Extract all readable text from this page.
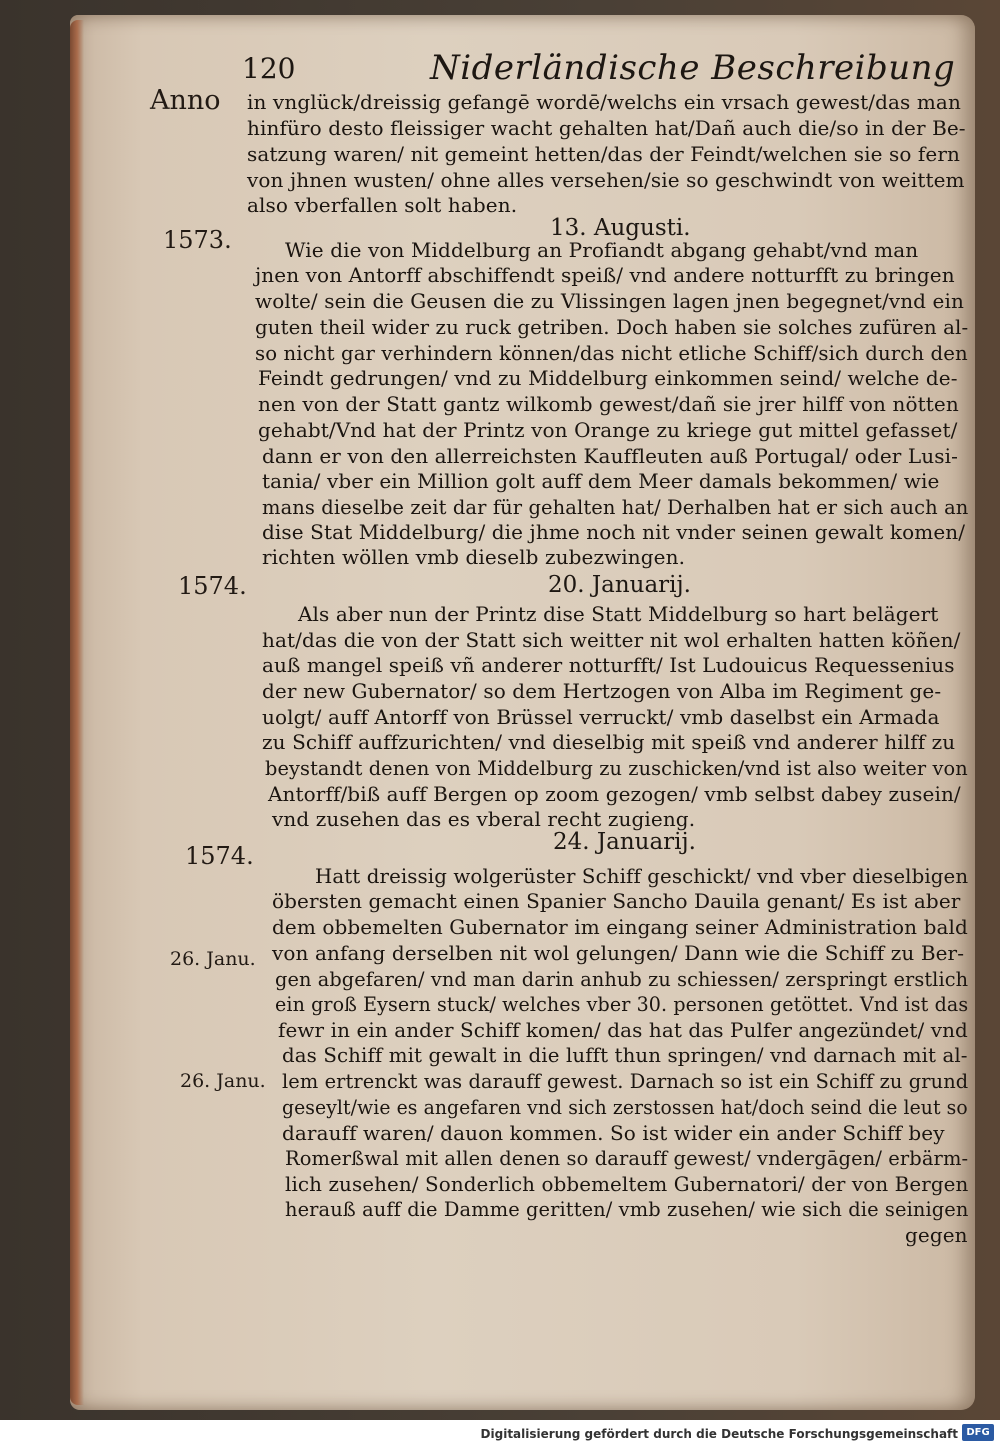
120	Niderländische Beschreibung
Anno
1573.
1574.
1574.
26. Janu.
26. Janu.
13. Augusti.
20. Januarij.
24. Januarij.
in vnglück/dreissig gefangē wordē/welchs ein vrsach gewest/das man
hinfüro desto fleissiger wacht gehalten hat/Dañ auch die/so in der Be-
satzung waren/ nit gemeint hetten/das der Feindt/welchen sie so fern
von jhnen wusten/ ohne alles versehen/sie so geschwindt von weittem
also vberfallen solt haben.
Wie die von Middelburg an Profiandt abgang gehabt/vnd man
jnen von Antorff abschiffendt speiß/ vnd andere notturfft zu bringen
wolte/ sein die Geusen die zu Vlissingen lagen jnen begegnet/vnd ein
guten theil wider zu ruck getriben. Doch haben sie solches zufüren al-
so nicht gar verhindern können/das nicht etliche Schiff/sich durch den
Feindt gedrungen/ vnd zu Middelburg einkommen seind/ welche de-
nen von der Statt gantz wilkomb gewest/dañ sie jrer hilff von nötten
gehabt/Vnd hat der Printz von Orange zu kriege gut mittel gefasset/
dann er von den allerreichsten Kauffleuten auß Portugal/ oder Lusi-
tania/ vber ein Million golt auff dem Meer damals bekommen/ wie
mans dieselbe zeit dar für gehalten hat/ Derhalben hat er sich auch an
dise Stat Middelburg/ die jhme noch nit vnder seinen gewalt komen/
richten wöllen vmb dieselb zubezwingen.
Als aber nun der Printz dise Statt Middelburg so hart belägert
hat/das die von der Statt sich weitter nit wol erhalten hatten köñen/
auß mangel speiß vñ anderer notturfft/ Ist Ludouicus Requessenius
der new Gubernator/ so dem Hertzogen von Alba im Regiment ge-
uolgt/ auff Antorff von Brüssel verruckt/ vmb daselbst ein Armada
zu Schiff auffzurichten/ vnd dieselbig mit speiß vnd anderer hilff zu
beystandt denen von Middelburg zu zuschicken/vnd ist also weiter von
Antorff/biß auff Bergen op zoom gezogen/ vmb selbst dabey zusein/
vnd zusehen das es vberal recht zugieng.
Hatt dreissig wolgerüster Schiff geschickt/ vnd vber dieselbigen
öbersten gemacht einen Spanier Sancho Dauila genant/ Es ist aber
dem obbemelten Gubernator im eingang seiner Administration bald
von anfang derselben nit wol gelungen/ Dann wie die Schiff zu Ber-
gen abgefaren/ vnd man darin anhub zu schiessen/ zerspringt erstlich
ein groß Eysern stuck/ welches vber 30. personen getöttet. Vnd ist das
fewr in ein ander Schiff komen/ das hat das Pulfer angezündet/ vnd
das Schiff mit gewalt in die lufft thun springen/ vnd darnach mit al-
lem ertrenckt was darauff gewest. Darnach so ist ein Schiff zu grund
geseylt/wie es angefaren vnd sich zerstossen hat/doch seind die leut so
darauff waren/ dauon kommen. So ist wider ein ander Schiff bey
Romerßwal mit allen denen so darauff gewest/ vndergāgen/ erbärm-
lich zusehen/ Sonderlich obbemeltem Gubernatori/ der von Bergen
herauß auff die Damme geritten/ vmb zusehen/ wie sich die seinigen
gegen
Digitalisierung gefördert durch die Deutsche Forschungsgemeinschaft DFG
